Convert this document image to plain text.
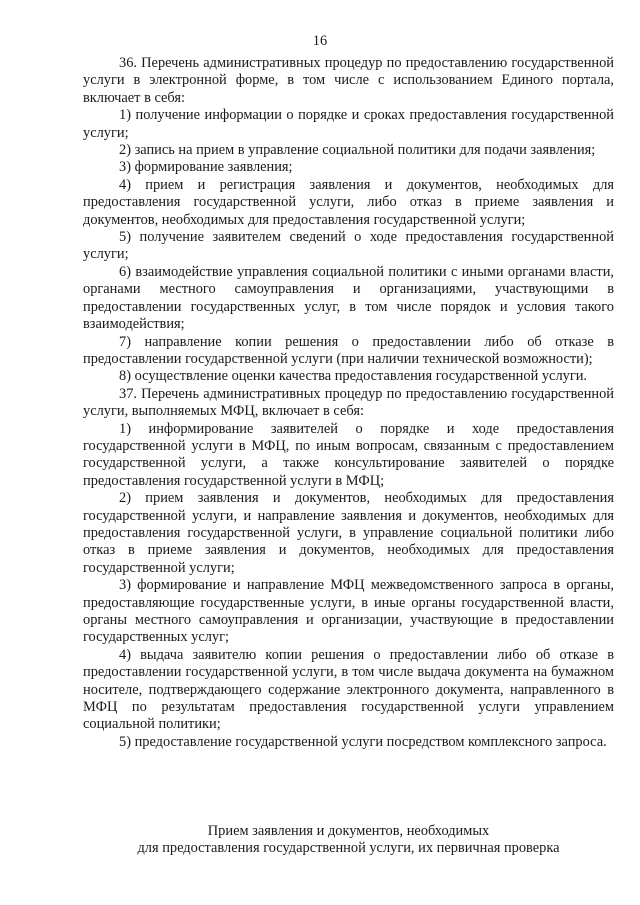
16

36. Перечень административных процедур по предоставлению государственной услуги в электронной форме, в том числе с использованием Единого портала, включает в себя:

1) получение информации о порядке и сроках предоставления государственной услуги;

2) запись на прием в управление социальной политики для подачи заявления;

3) формирование заявления;

4) прием и регистрация заявления и документов, необходимых для предоставления государственной услуги, либо отказ в приеме заявления и документов, необходимых для предоставления государственной услуги;

5) получение заявителем сведений о ходе предоставления государственной услуги;

6) взаимодействие управления социальной политики с иными органами власти, органами местного самоуправления и организациями, участвующими в предоставлении государственных услуг, в том числе порядок и условия такого взаимодействия;

7) направление копии решения о предоставлении либо об отказе в предоставлении государственной услуги (при наличии технической возможности);

8) осуществление оценки качества предоставления государственной услуги.

37. Перечень административных процедур по предоставлению государственной услуги, выполняемых МФЦ, включает в себя:

1) информирование заявителей о порядке и ходе предоставления государственной услуги в МФЦ, по иным вопросам, связанным с предоставлением государственной услуги, а также консультирование заявителей о порядке предоставления государственной услуги в МФЦ;

2) прием заявления и документов, необходимых для предоставления государственной услуги, и направление заявления и документов, необходимых для предоставления государственной услуги, в управление социальной политики либо отказ в приеме заявления и документов, необходимых для предоставления государственной услуги;

3) формирование и направление МФЦ межведомственного запроса в органы, предоставляющие государственные услуги, в иные органы государственной власти, органы местного самоуправления и организации, участвующие в предоставлении государственных услуг;

4) выдача заявителю копии решения о предоставлении либо об отказе в предоставлении государственной услуги, в том числе выдача документа на бумажном носителе, подтверждающего содержание электронного документа, направленного в МФЦ по результатам предоставления государственной услуги управлением социальной политики;

5) предоставление государственной услуги посредством комплексного запроса.

Прием заявления и документов, необходимых
для предоставления государственной услуги, их первичная проверка
